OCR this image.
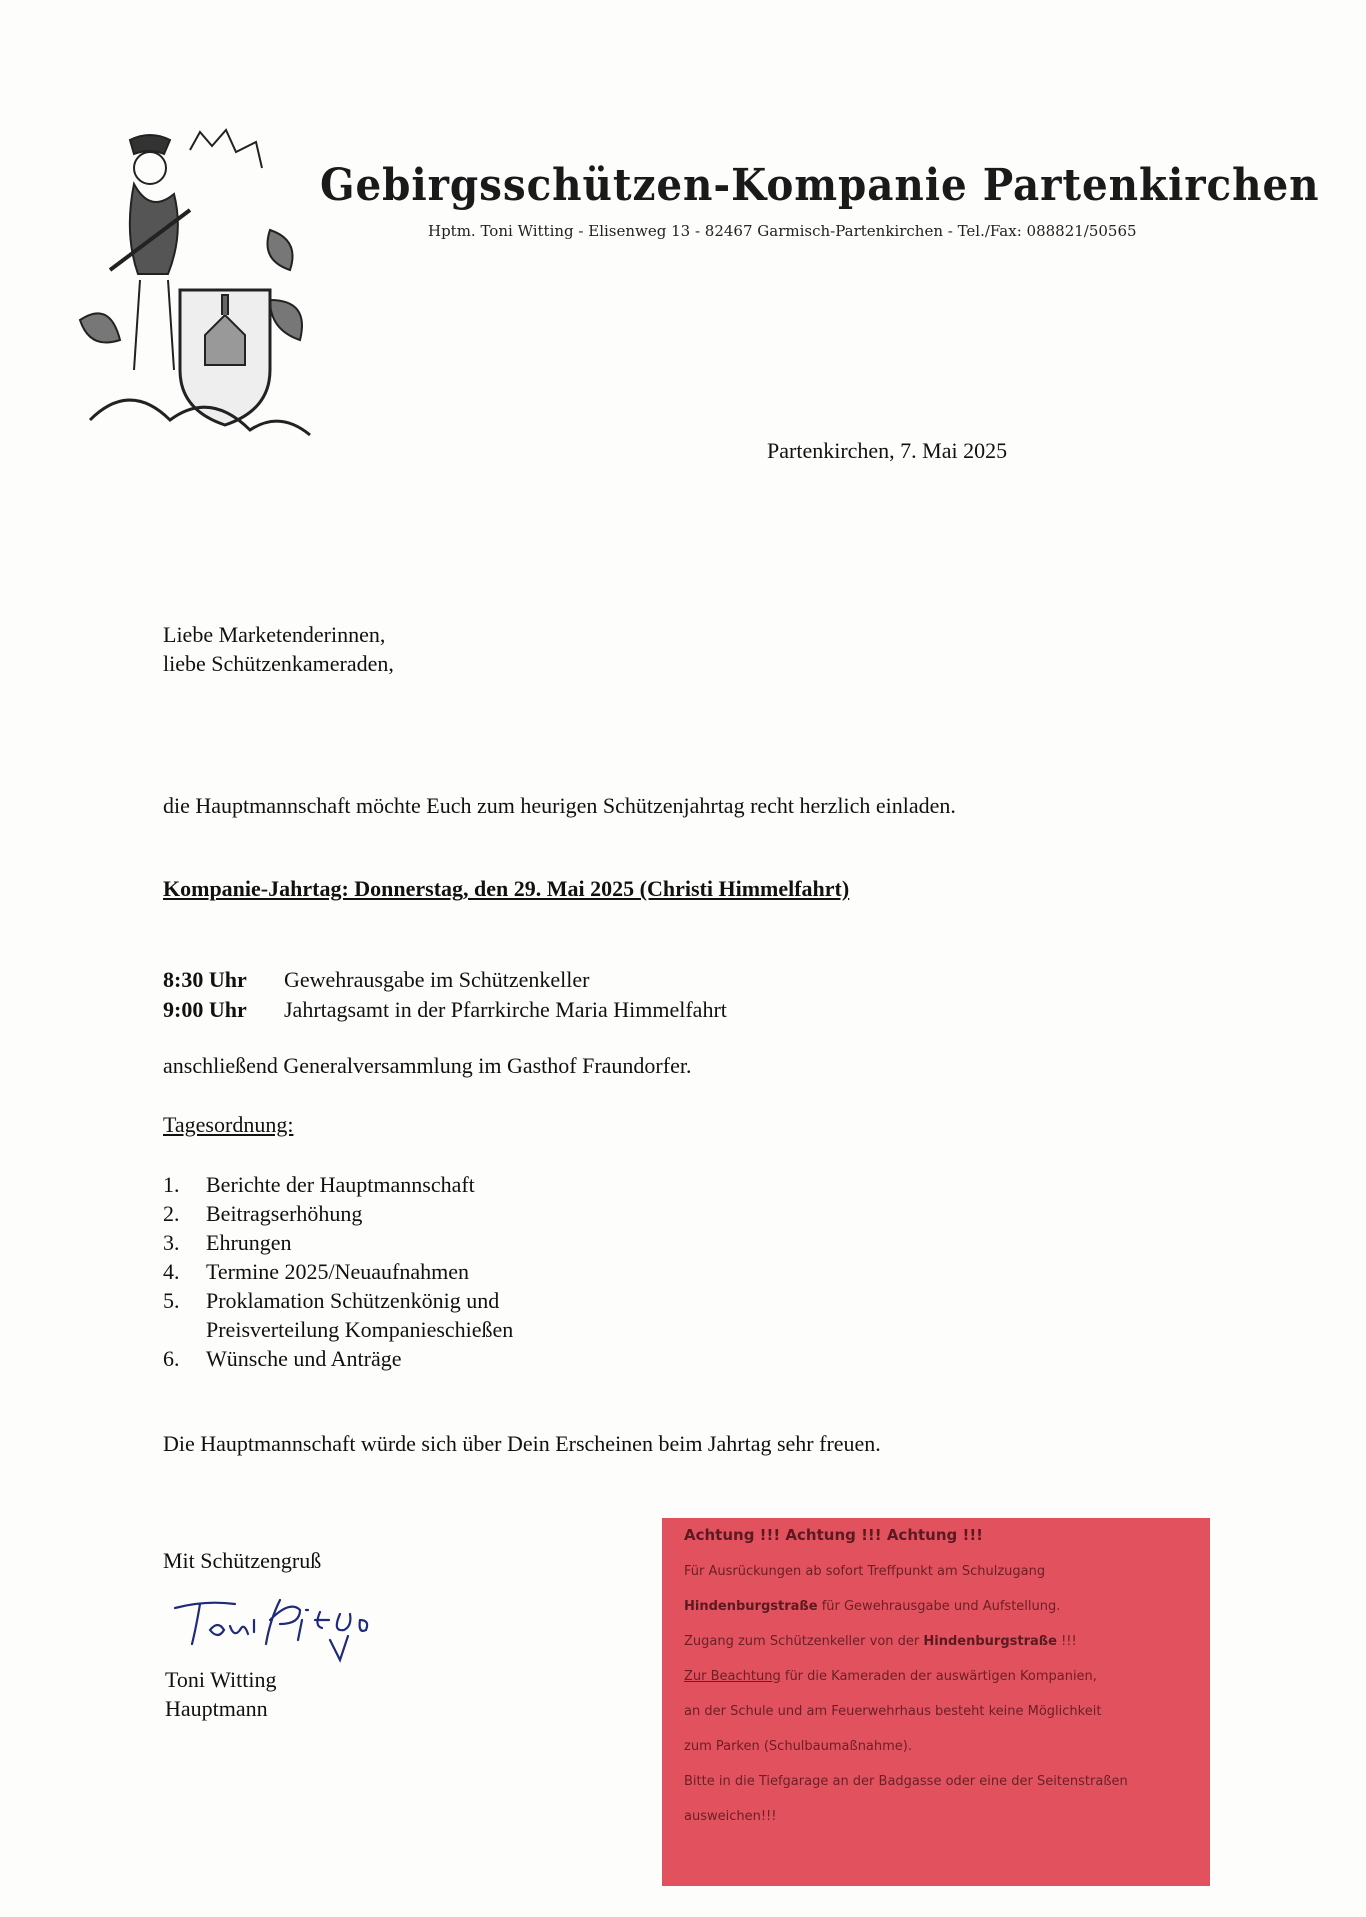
Gebirgsschützen-Kompanie Partenkirchen
Hptm. Toni Witting - Elisenweg 13 - 82467 Garmisch-Partenkirchen - Tel./Fax: 088821/50565
Partenkirchen, 7. Mai 2025
Liebe Marketenderinnen,
liebe Schützenkameraden,
die Hauptmannschaft möchte Euch zum heurigen Schützenjahrtag recht herzlich einladen.
Kompanie-Jahrtag: Donnerstag, den 29. Mai 2025 (Christi Himmelfahrt)
8:30 Uhr	Gewehrausgabe im Schützenkeller
9:00 Uhr	Jahrtagsamt in der Pfarrkirche Maria Himmelfahrt
anschließend Generalversammlung im Gasthof Fraundorfer.
Tagesordnung:
1.	Berichte der Hauptmannschaft
2.	Beitragserhöhung
3.	Ehrungen
4.	Termine 2025/Neuaufnahmen
5.	Proklamation Schützenkönig und
Preisverteilung Kompanieschießen
6.	Wünsche und Anträge
Die Hauptmannschaft würde sich über Dein Erscheinen beim Jahrtag sehr freuen.
Mit Schützengruß
Toni Witting
Hauptmann
Achtung !!! Achtung !!! Achtung !!!
Für Ausrückungen ab sofort Treffpunkt am Schulzugang
Hindenburgstraße für Gewehrausgabe und Aufstellung.
Zugang zum Schützenkeller von der Hindenburgstraße !!!
Zur Beachtung für die Kameraden der auswärtigen Kompanien,
an der Schule und am Feuerwehrhaus besteht keine Möglichkeit
zum Parken (Schulbaumaßnahme).
Bitte in die Tiefgarage an der Badgasse oder eine der Seitenstraßen
ausweichen!!!
